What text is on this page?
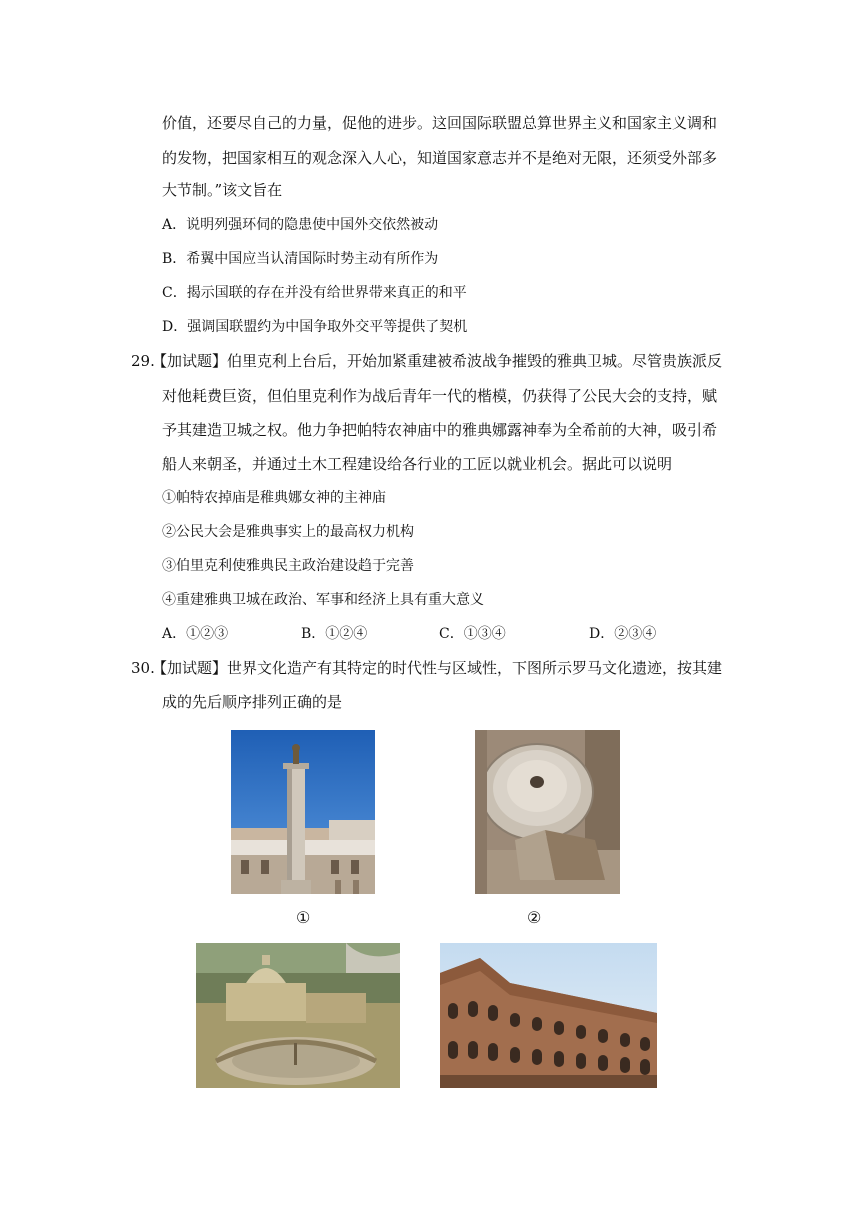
价值，还要尽自己的力量，促他的进步。这回国际联盟总算世界主义和国家主义调和
的发物，把国家相互的观念深入人心，知道国家意志并不是绝对无限，还须受外部多
大节制。”该文旨在
A．说明列强环伺的隐患使中国外交依然被动
B．希翼中国应当认清国际时势主动有所作为
C．揭示国联的存在并没有给世界带来真正的和平
D．强调国联盟约为中国争取外交平等提供了契机
29.
【加试题】伯里克利上台后，开始加紧重建被希波战争摧毁的雅典卫城。尽管贵族派反
对他耗费巨资，但伯里克利作为战后青年一代的楷模，仍获得了公民大会的支持，赋
予其建造卫城之权。他力争把帕特农神庙中的雅典娜露神奉为全希前的大神，吸引希
船人来朝圣，并通过土木工程建设给各行业的工匠以就业机会。据此可以说明
①帕特农掉庙是稚典娜女神的主神庙
②公民大会是雅典事实上的最高权力机构
③伯里克利使雅典民主政治建设趋于完善
④重建雅典卫城在政治、军事和经济上具有重大意义
A．①②③	B．①②④	C．①③④	D．②③④
30.
【加试题】世界文化造产有其特定的时代性与区域性，下图所示罗马文化遗迹，按其建
成的先后顺序排列正确的是
①	②
